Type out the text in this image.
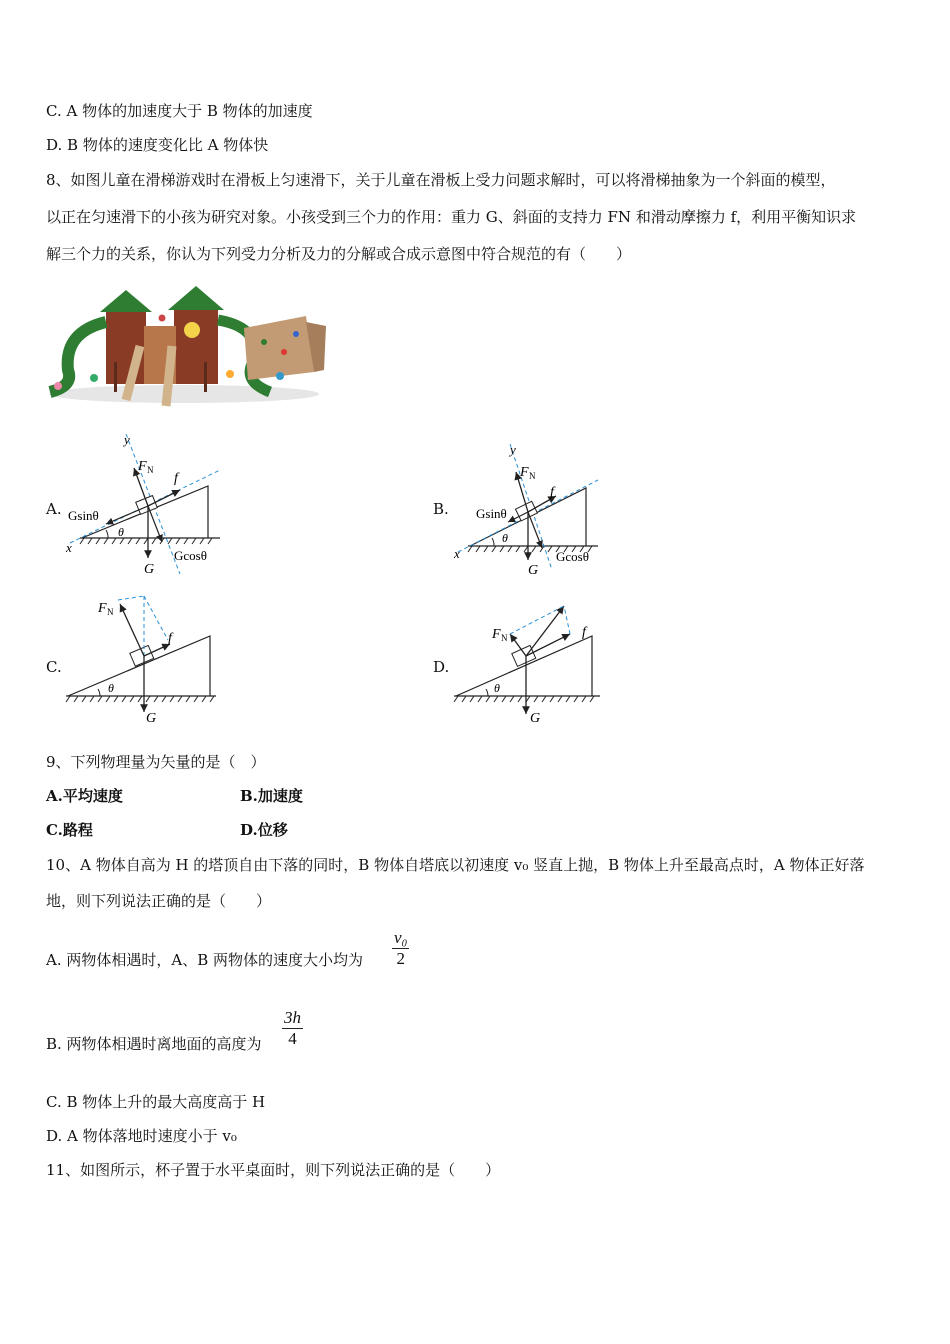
C. A 物体的加速度大于 B 物体的加速度
D. B 物体的速度变化比 A 物体快
8、如图儿童在滑梯游戏时在滑板上匀速滑下，关于儿童在滑板上受力问题求解时，可以将滑梯抽象为一个斜面的模型，
以正在匀速滑下的小孩为研究对象。小孩受到三个力的作用：重力 G、斜面的支持力 FN 和滑动摩擦力 f，利用平衡知识求
解三个力的关系，你认为下列受力分析及力的分解或合成示意图中符合规范的有（　　）
A.	B.
C.	D.
θ
y
x
F N
f
G
Gsinθ
Gcosθ
θ
y
x
F N
f
G
Gsinθ
Gcosθ
θ
F N
f
G
θ
F N	f
G
9、下列物理量为矢量的是（　）
A.平均速度	B.加速度
C.路程	D.位移
10、A 物体自高为 H 的塔顶自由下落的同时，B 物体自塔底以初速度 v₀ 竖直上抛，B 物体上升至最高点时，A 物体正好落
地，则下列说法正确的是（　　）
A. 两物体相遇时，A、B 两物体的速度大小均为 $\frac{\text{v₀}}{2}$
B. 两物体相遇时离地面的高度为 $\frac{3h}{4}$
C. B 物体上升的最大高度高于 H
D. A 物体落地时速度小于 v₀
11、如图所示，杯子置于水平桌面时，则下列说法正确的是（　　）
